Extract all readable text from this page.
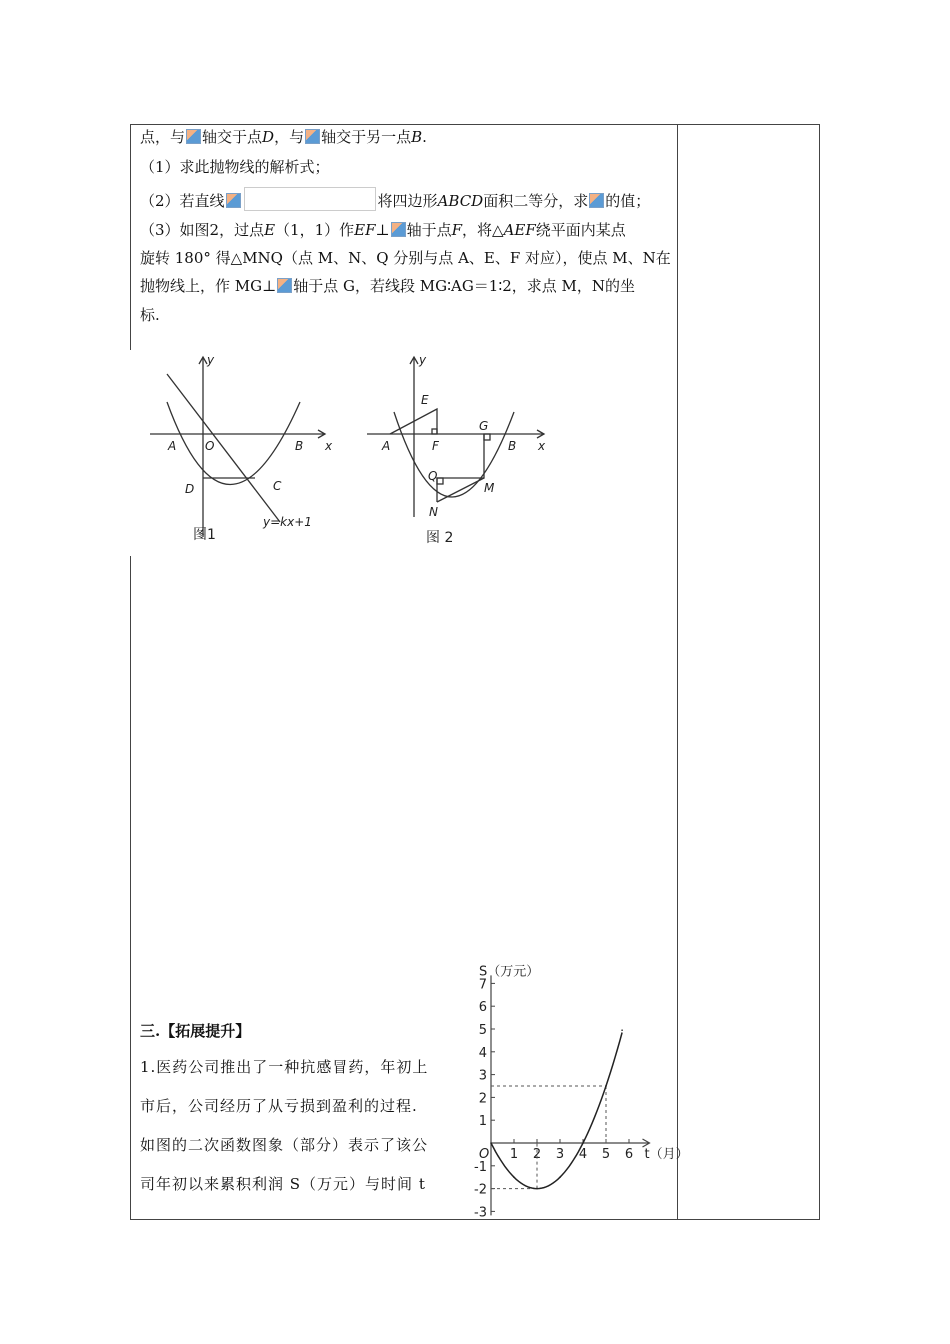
点，与 轴交于点D，与 轴交于另一点B.
（1）求此抛物线的解析式；
（2）若直线	将四边形ABCD面积二等分，求 的值；
（3）如图2，过点E（1，1）作EF⊥ 轴于点F，将△AEF绕平面内某点
旋转 180° 得△MNQ（点 M、N、Q 分别与点 A、E、F 对应），使点 M、N在
抛物线上，作 MG⊥ 轴于点 G，若线段 MG∶AG＝1∶2，求点 M，N的坐
标.
y
x
A O	B
D	C
y=kx+1
图1
y
x
A
E
F
G
B
Q
M
N
图 2
三.【拓展提升】
1.医药公司推出了一种抗感冒药，年初上
市后，公司经历了从亏损到盈利的过程.
如图的二次函数图象（部分）表示了该公
司年初以来累积利润 S（万元）与时间 t
7
6
5
4
3
2
1
-1
-2
-3
1 2 3 4 5 6
O
S（万元）
t（月）
